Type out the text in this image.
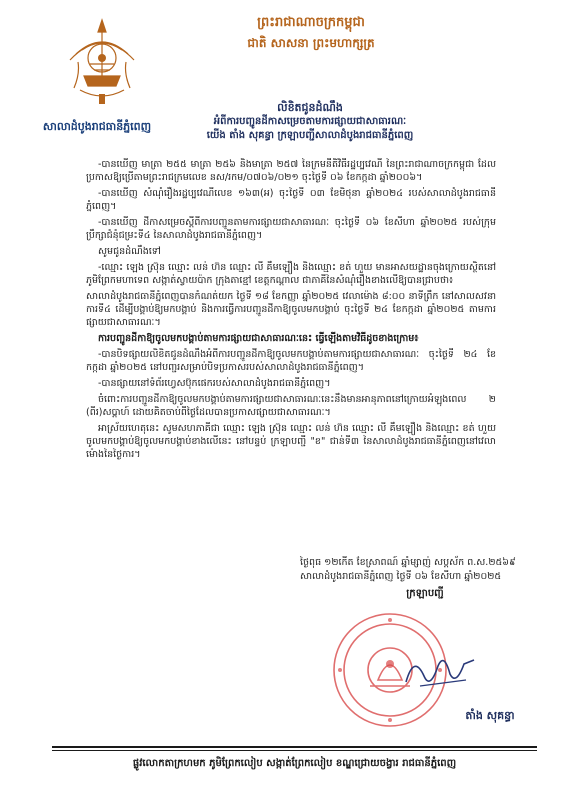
ព្រះរាជាណាចក្រកម្ពុជា
ជាតិ សាសនា ព្រះមហាក្សត្រ
សាលាដំបូងរាជធានីភ្នំពេញ
លិខិតជូនដំណឹង
អំពីការបញ្ជូនដីកាសម្រេចតាមការផ្សាយជាសាធារណៈ
យើង តាំង សុគន្ធា ក្រឡាបញ្ជីសាលាដំបូងរាជធានីភ្នំពេញ

-បានឃើញ មាត្រា ២៥៥ មាត្រា ២៥៦ និងមាត្រា ២៥៧ នៃក្រមនីតិវិធីរដ្ឋប្បវេណី នៃព្រះរាជាណាចក្រកម្ពុជា ដែលប្រកាសឱ្យប្រើតាមព្រះរាជក្រមលេខ នស/រកម/០៧០៦/០២១ ចុះថ្ងៃទី ០៦ ខែកក្កដា ឆ្នាំ២០០៦។

-បានឃើញ សំណុំរឿងរដ្ឋប្បវេណីលេខ ១៦៣(អ) ចុះថ្ងៃទី ០៣ ខែមិថុនា ឆ្នាំ២០២៤ របស់សាលាដំបូងរាជធានីភ្នំពេញ។

-បានឃើញ ដីកាសម្រេចស្តីពីការបញ្ជូនតាមការផ្សាយជាសាធារណៈ ចុះថ្ងៃទី ០៦ ខែសីហា ឆ្នាំ២០២៥ របស់ក្រុមប្រឹក្សាជំនុំជម្រះទី៤ នៃសាលាដំបូងរាជធានីភ្នំពេញ។

សូមជូនដំណឹងទៅ

-ឈ្មោះ ឡេង ស្រ៊ុន ឈ្មោះ លន់ ហ៊ន ឈ្មោះ លី គឹមឡឿង និងឈ្មោះ ខត់ ហួយ មានអាសយដ្ឋានចុងក្រោយស្ថិតនៅភូមិព្រែកមហាទេព សង្កាត់ស្វាយប៉ាក ក្រុងតាខ្មៅ ខេត្តកណ្ដាល ជាភាគីនៃសំណុំរឿងខាងលើឱ្យបានជ្រាបថា៖

សាលាដំបូងរាជធានីភ្នំពេញបានកំណត់យក ថ្ងៃទី ១៨ ខែកញ្ញា ឆ្នាំ២០២៥ វេលាម៉ោង ៨:០០ នាទីព្រឹក នៅសាលសវនាការទី៤ ដើម្បីបង្គាប់ឱ្យមកបង្គាប់ និងការធ្វើការបញ្ជូនដីកាឱ្យចូលមកបង្គាប់ ចុះថ្ងៃទី ២៤ ខែកក្កដា ឆ្នាំ២០២៥ តាមការផ្សាយជាសាធារណៈ។

ការបញ្ជូនដីកាឱ្យចូលមកបង្គាប់តាមការផ្សាយជាសាធារណៈនេះ ធ្វើឡើងតាមវិធីដូចខាងក្រោម៖

-បានបិទផ្សាយលិខិតជូនដំណឹងអំពីការបញ្ជូនដីកាឱ្យចូលមកបង្គាប់តាមការផ្សាយជាសាធារណៈ ចុះថ្ងៃទី ២៤ ខែកក្កដា ឆ្នាំ២០២៥ នៅបញ្ជរសម្រាប់បិទប្រកាសរបស់សាលាដំបូងរាជធានីភ្នំពេញ។

-បានផ្សាយនៅទំព័រហ្វេសប៊ុកផេករបស់សាលាដំបូងរាជធានីភ្នំពេញ។

ចំពោះការបញ្ជូនដីកាឱ្យចូលមកបង្គាប់តាមការផ្សាយជាសាធារណៈនេះនឹងមានអានុភាពនៅក្រោយអំឡុងពេល ២ (ពីរ)សប្តាហ៍ ដោយគិតចាប់ពីថ្ងៃដែលបានប្រកាសផ្សាយជាសាធារណៈ។

អាស្រ័យហេតុនេះ សូមសហភាគីជា ឈ្មោះ ឡេង ស្រ៊ុន ឈ្មោះ លន់ ហ៊ន ឈ្មោះ លី គឹមឡឿង និងឈ្មោះ ខត់ ហួយ ចូលមកបង្គាប់ឱ្យចូលមកបង្គាប់ខាងលើនេះ នៅបន្ទប់ ក្រឡាបញ្ជី "ខ" ជាន់ទី៣ នៃសាលាដំបូងរាជធានីភ្នំពេញនៅវេលាម៉ោងនៃថ្ងៃការ។

ថ្ងៃពុធ ១២កើត ខែស្រាពណ៍ ឆ្នាំម្សាញ់ សប្តស័ក ព.ស.២៥៦៩
សាលាដំបូងរាជធានីភ្នំពេញ ថ្ងៃទី ០៦ ខែសីហា ឆ្នាំ២០២៥
ក្រឡាបញ្ជី
តាំង សុគន្ធា
ផ្លូវលោកតាក្រហមក ភូមិព្រែកលៀប សង្កាត់ព្រែកលៀប ខណ្ឌជ្រោយចង្វារ រាជធានីភ្នំពេញ
